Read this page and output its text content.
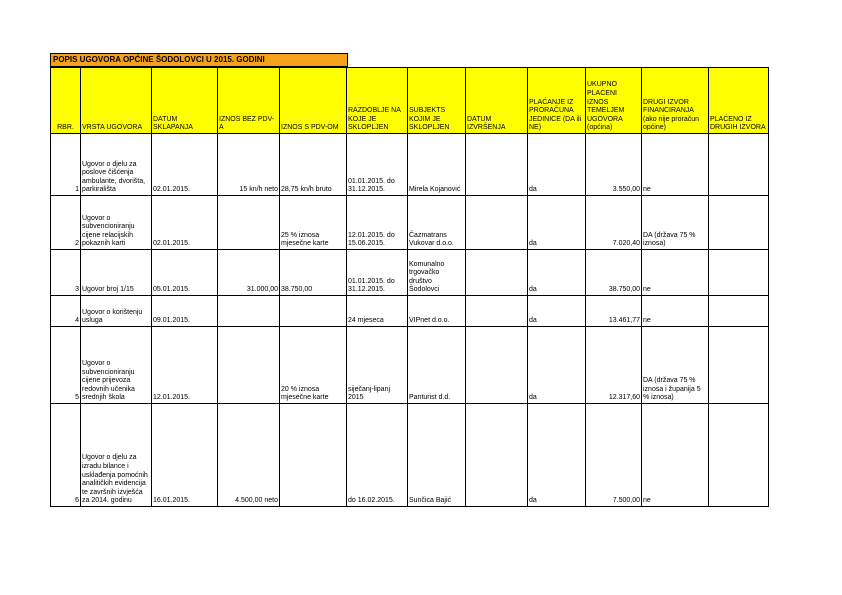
POPIS UGOVORA OPĆINE ŠODOLOVCI U 2015. GODINI
RBR.	VRSTA UGOVORA	DATUM SKLAPANJA	IZNOS BEZ PDV-A	IZNOS S PDV-OM	RAZDOBLJE NA KOJE JE SKLOPLJEN	SUBJEKTS KOJIM JE SKLOPLJEN	DATUM IZVRŠENJA	PLAĆANJE IZ PRORAČUNA JEDINICE (DA ili NE)	UKUPNO PLAĆENI IZNOS TEMELJEM UGOVORA (općina)	DRUGI IZVOR FINANCIRANJA (ako nije proračun općine)	PLAĆENO IZ DRUGIH IZVORA
1	Ugovor o djelu za poslove čišćenja ambulante, dvorišta, parkirališta	02.01.2015.	15 kn/h neto	28,75 kn/h bruto	01.01.2015. do 31.12.2015.	Mirela Kojanović		da	3.550,00	ne	
2	Ugovor o subvencioniranju cijene relacijskih pokaznih karti	02.01.2015.		25 % iznosa mjesečne karte	12.01.2015. do 15.06.2015.	Čazmatrans Vukovar d.o.o.		da	7.020,40	DA (državа 75 % iznosa)	
3	Ugovor broj 1/15	05.01.2015.	31.000,00	38.750,00	01.01.2015. do 31.12.2015.	Komunalno trgovačko društvo Šodolovci		da	38.750,00	ne	
4	Ugovor o korištenju usluga	09.01.2015.			24 mjeseca	VIPnet d.o.o.		da	13.461,77	ne	
5	Ugovor o subvencioniranju cijene prijevoza redovnih učenika srednjih škola	12.01.2015.		20 % iznosa mjesečne karte	siječanj-lipanj 2015	Panturist d.d.		da	12.317,60	DA (državа 75 % iznosa i županija 5 % iznosa)	
6	Ugovor o djelu za izradu bilance i usklađenja pomoćnih analitičkih evidencija te završnih izvješća za 2014. godinu	16.01.2015.	4.500,00 neto		do 16.02.2015.	Sunčica Bajić		da	7.500,00	ne	
